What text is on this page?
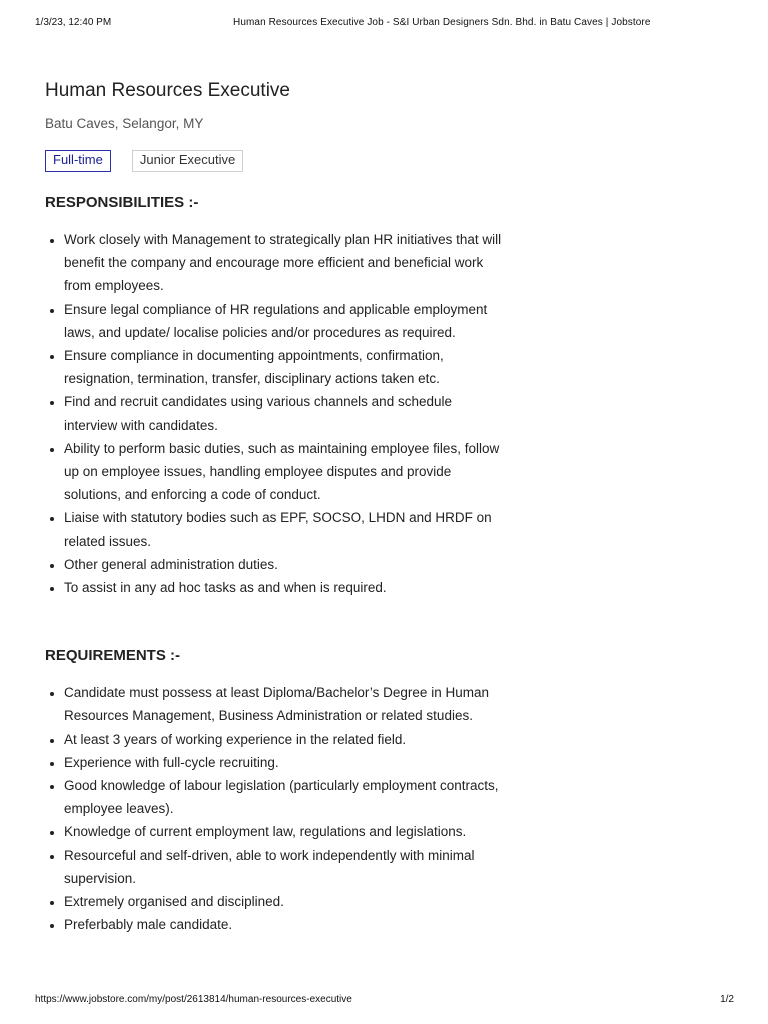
1/3/23, 12:40 PM	Human Resources Executive Job - S&I Urban Designers Sdn. Bhd. in Batu Caves | Jobstore
Human Resources Executive
Batu Caves, Selangor, MY
Full-time	Junior Executive
RESPONSIBILITIES :-
• Work closely with Management to strategically plan HR initiatives that will benefit the company and encourage more efficient and beneficial work from employees.
• Ensure legal compliance of HR regulations and applicable employment laws, and update/ localise policies and/or procedures as required.
• Ensure compliance in documenting appointments, confirmation, resignation, termination, transfer, disciplinary actions taken etc.
• Find and recruit candidates using various channels and schedule interview with candidates.
• Ability to perform basic duties, such as maintaining employee files, follow up on employee issues, handling employee disputes and provide solutions, and enforcing a code of conduct.
• Liaise with statutory bodies such as EPF, SOCSO, LHDN and HRDF on related issues.
• Other general administration duties.
• To assist in any ad hoc tasks as and when is required.
REQUIREMENTS :-
• Candidate must possess at least Diploma/Bachelor’s Degree in Human Resources Management, Business Administration or related studies.
• At least 3 years of working experience in the related field.
• Experience with full-cycle recruiting.
• Good knowledge of labour legislation (particularly employment contracts, employee leaves).
• Knowledge of current employment law, regulations and legislations.
• Resourceful and self-driven, able to work independently with minimal supervision.
• Extremely organised and disciplined.
• Preferbably male candidate.
https://www.jobstore.com/my/post/2613814/human-resources-executive	1/2
